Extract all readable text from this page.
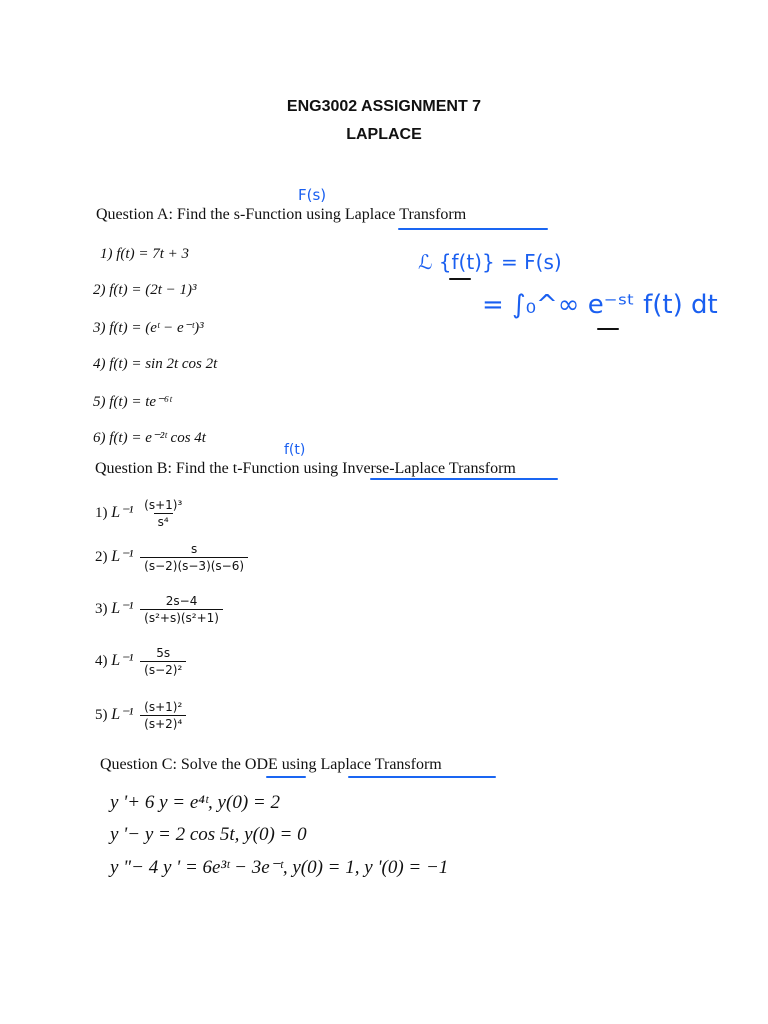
ENG3002 ASSIGNMENT 7
LAPLACE
F(s)
ℒ {f(t)} = F(s)
= ∫₀^∞ e⁻ˢᵗ f(t) dt
f(t)
Question A: Find the s-Function using Laplace Transform
1) f(t) = 7t + 3
2) f(t) = (2t − 1)³
3) f(t) = (eᵗ − e⁻ᵗ)³
4) f(t) = sin 2t cos 2t
5) f(t) = te⁻⁶ᵗ
6) f(t) = e⁻²ᵗ cos 4t
Question B: Find the t-Function using Inverse-Laplace Transform
1) $L^{-1} \frac{\text{(s+1)³}}{\text{s⁴}}$
2) $L^{-1} \frac{s}{(s-2)(s-3)(s-6)}$
3) $L^{-1} \frac{2s-4}{\text{(s²+s)(s²+1)}}$
4) $L^{-1} \frac{5s}{\text{(s−2)²}}$
5) $L^{-1} \frac{\text{(s+1)²}}{\text{(s+2)⁴}}$
Question C: Solve the ODE using Laplace Transform
y '+ 6 y = e⁴ᵗ, y(0) = 2
y '− y = 2 cos 5t, y(0) = 0
y "− 4 y ' = 6e³ᵗ − 3e⁻ᵗ, y(0) = 1, y '(0) = −1
